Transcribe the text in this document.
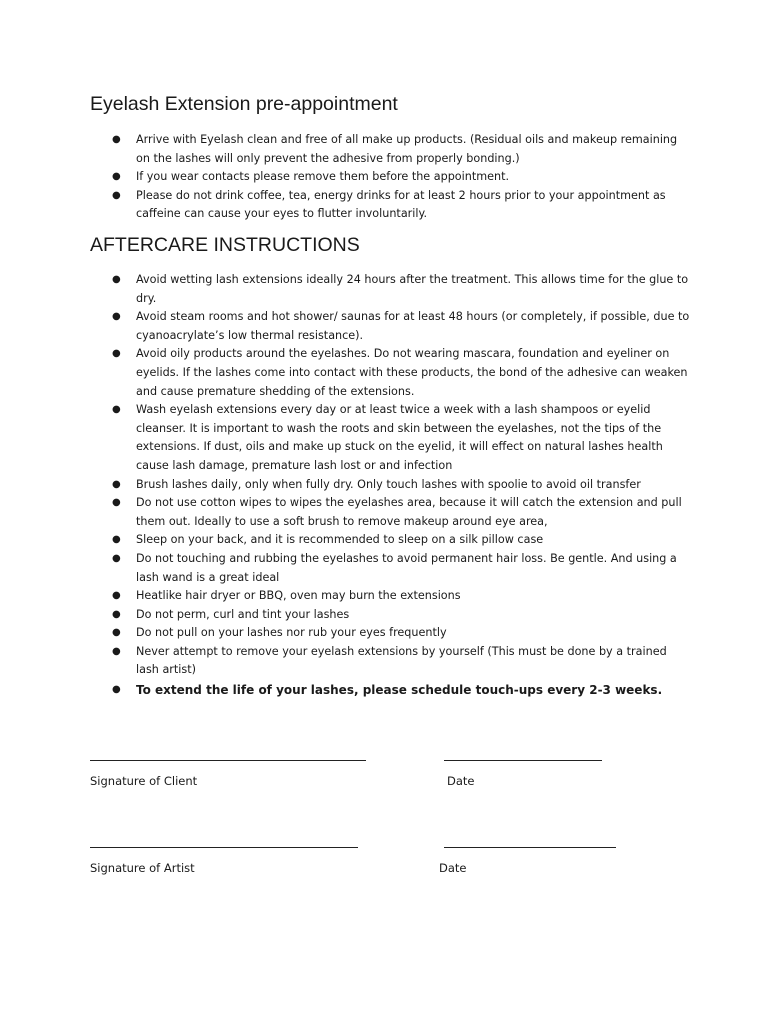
Eyelash Extension pre-appointment
● Arrive with Eyelash clean and free of all make up products. (Residual oils and makeup remaining on the lashes will only prevent the adhesive from properly bonding.)
● If you wear contacts please remove them before the appointment.
● Please do not drink coffee, tea, energy drinks for at least 2 hours prior to your appointment as caffeine can cause your eyes to flutter involuntarily.
AFTERCARE INSTRUCTIONS
● Avoid wetting lash extensions ideally 24 hours after the treatment. This allows time for the glue to dry.
● Avoid steam rooms and hot shower/ saunas for at least 48 hours (or completely, if possible, due to cyanoacrylate’s low thermal resistance).
● Avoid oily products around the eyelashes. Do not wearing mascara, foundation and eyeliner on eyelids. If the lashes come into contact with these products, the bond of the adhesive can weaken and cause premature shedding of the extensions.
● Wash eyelash extensions every day or at least twice a week with a lash shampoos or eyelid cleanser. It is important to wash the roots and skin between the eyelashes, not the tips of the extensions. If dust, oils and make up stuck on the eyelid, it will effect on natural lashes health cause lash damage, premature lash lost or and infection
● Brush lashes daily, only when fully dry. Only touch lashes with spoolie to avoid oil transfer
● Do not use cotton wipes to wipes the eyelashes area, because it will catch the extension and pull them out. Ideally to use a soft brush to remove makeup around eye area,
● Sleep on your back, and it is recommended to sleep on a silk pillow case
● Do not touching and rubbing the eyelashes to avoid permanent hair loss. Be gentle. And using a lash wand is a great ideal
● Heatlike hair dryer or BBQ, oven may burn the extensions
● Do not perm, curl and tint your lashes
● Do not pull on your lashes nor rub your eyes frequently
● Never attempt to remove your eyelash extensions by yourself (This must be done by a trained lash artist)
● To extend the life of your lashes, please schedule touch-ups every 2-3 weeks.
Signature of Client	Date
Signature of Artist	Date
